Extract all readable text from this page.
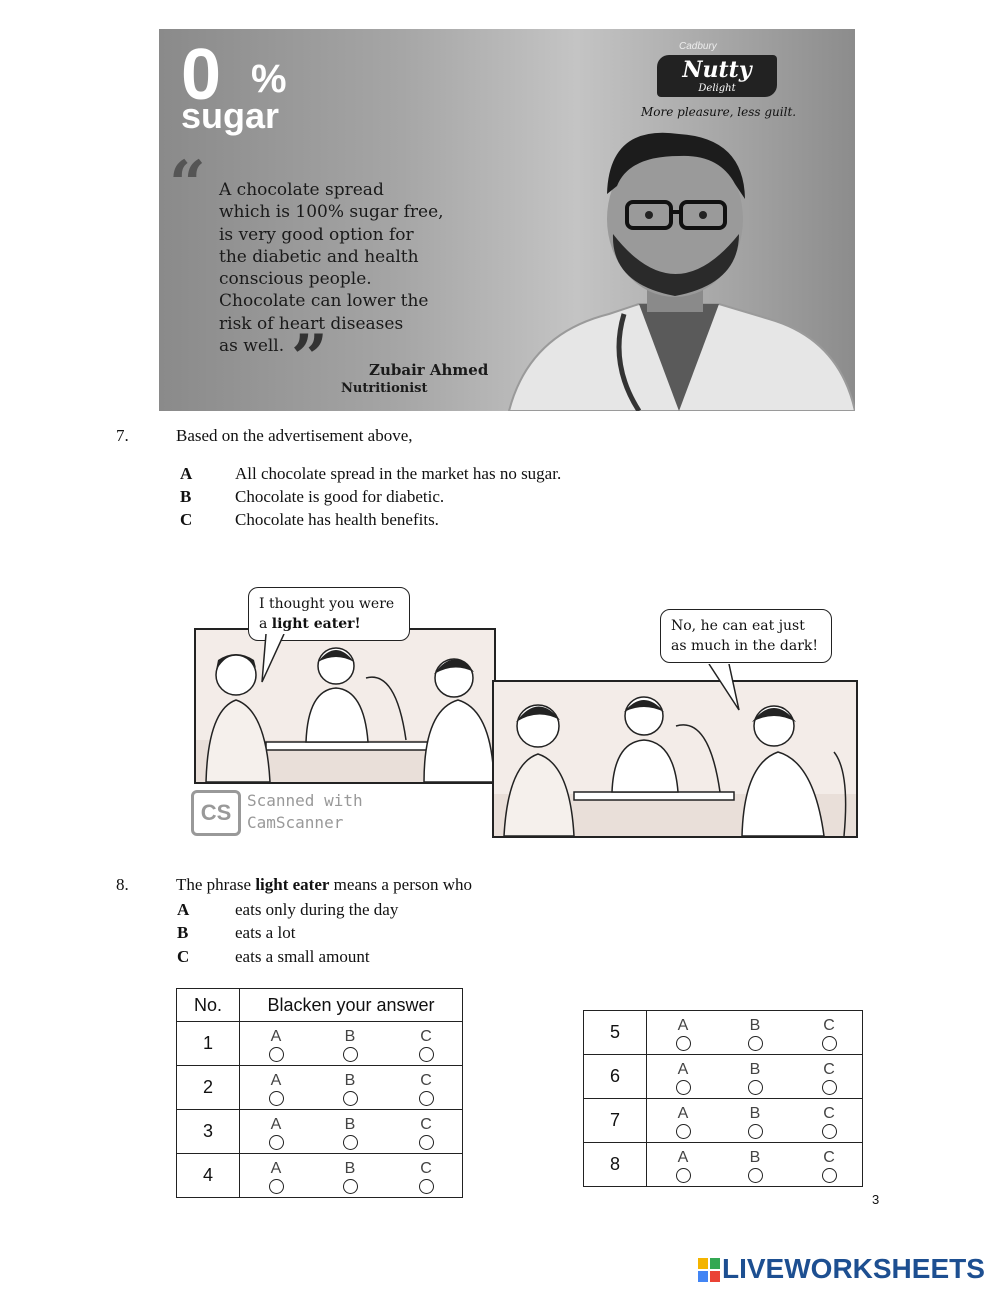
0 %
sugar
“ A chocolate spread
which is 100% sugar free,
is very good option for
the diabetic and health
conscious people.
Chocolate can lower the
risk of heart diseases
as well. ”	Zubair Ahmed
Nutritionist
Cadbury
Nutty
Delight
More pleasure, less guilt.
7.	Based on the advertisement above,
A	All chocolate spread in the market has no sugar.
B	Chocolate is good for diabetic.
C	Chocolate has health benefits.
I thought you were
a light eater!	No, he can eat just
as much in the dark!
CS Scanned with
CamScanner
8.	The phrase light eater means a person who
A	eats only during the day
B	eats a lot
C	eats a small amount
No.	Blacken your answer
1	A B C

2	A B C

3	A B C

4	A B C
5	A B C

6	A B C

7	A B C

8	A B C
3
LIVEWORKSHEETS
